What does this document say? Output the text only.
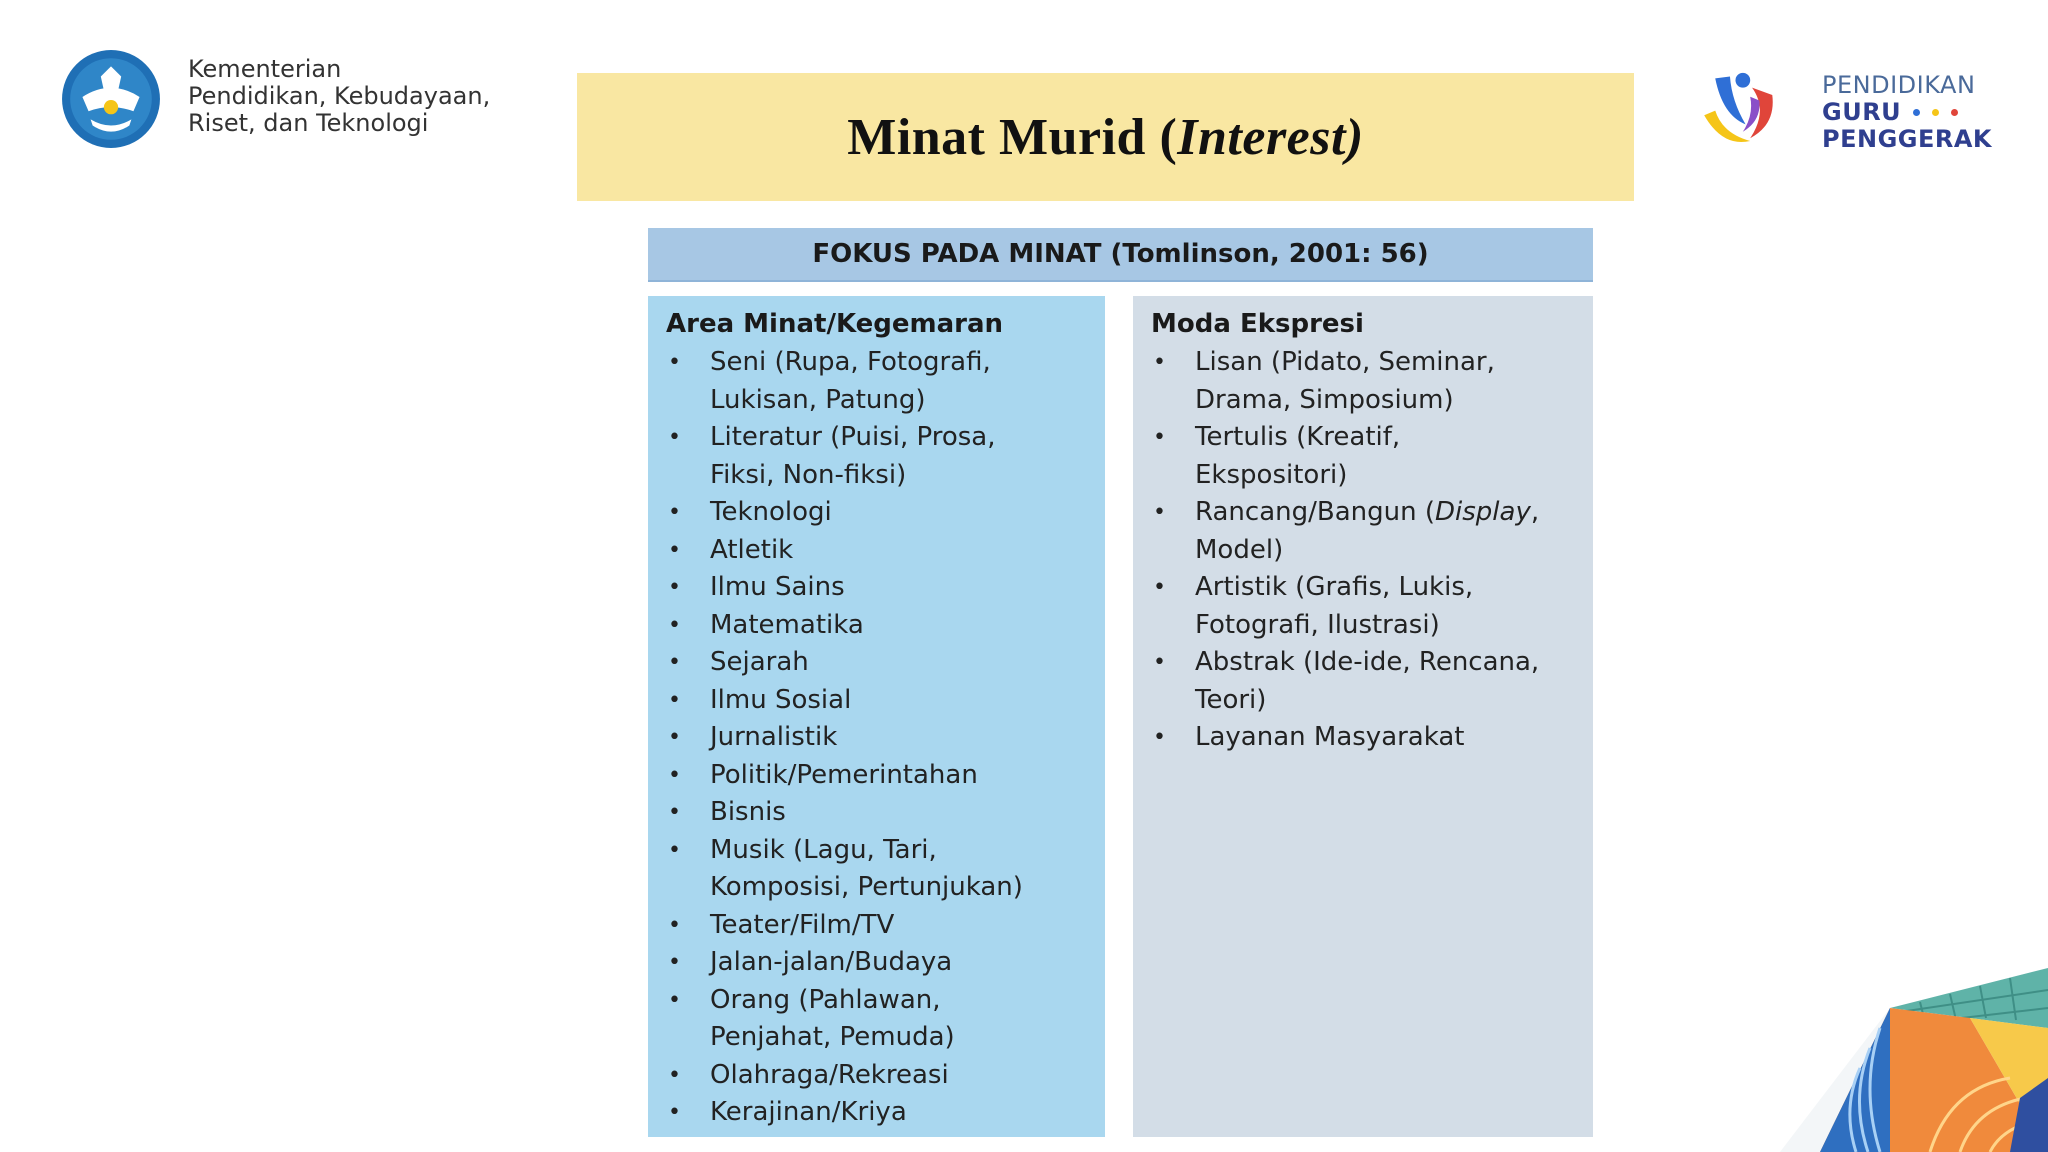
Kementerian
Pendidikan, Kebudayaan,
Riset, dan Teknologi	Minat Murid (Interest)
PENDIDIKAN
GURU
PENGGERAK
FOKUS PADA MINAT (Tomlinson, 2001: 56)
Area Minat/Kegemaran
• Seni (Rupa, Fotografi,
Lukisan, Patung)
• Literatur (Puisi, Prosa,
Fiksi, Non-fiksi)
• Teknologi
• Atletik
• Ilmu Sains
• Matematika
• Sejarah
• Ilmu Sosial
• Jurnalistik
• Politik/Pemerintahan
• Bisnis
• Musik (Lagu, Tari,
Komposisi, Pertunjukan)
• Teater/Film/TV
• Jalan-jalan/Budaya
• Orang (Pahlawan,
Penjahat, Pemuda)
• Olahraga/Rekreasi
• Kerajinan/Kriya
Moda Ekspresi
• Lisan (Pidato, Seminar,
Drama, Simposium)
• Tertulis (Kreatif,
Ekspositori)
• Rancang/Bangun (Display,
Model)
• Artistik (Grafis, Lukis,
Fotografi, Ilustrasi)
• Abstrak (Ide-ide, Rencana,
Teori)
• Layanan Masyarakat
